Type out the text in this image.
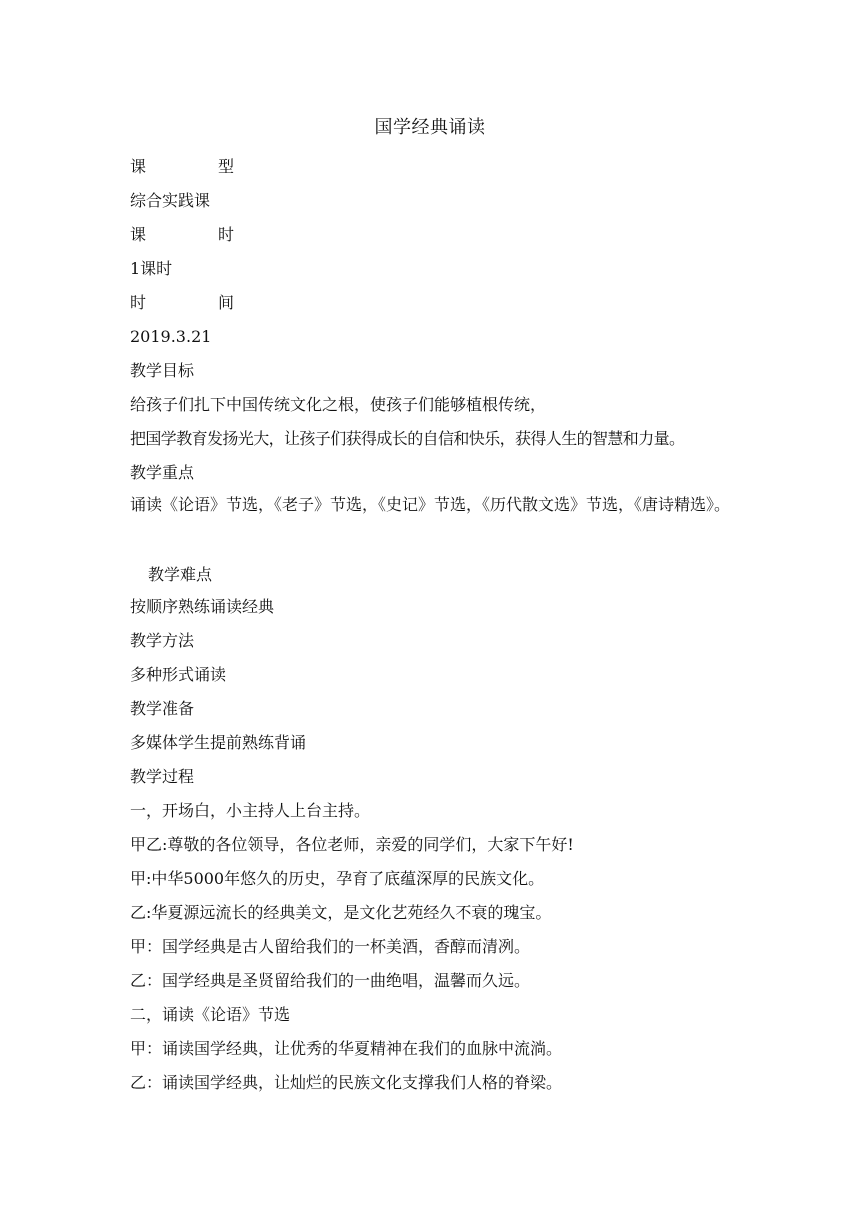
国学经典诵读
课	型
综合实践课
课	时
1课时
时	间
2019.3.21
教学目标
给孩子们扎下中国传统文化之根，使孩子们能够植根传统，
把国学教育发扬光大，让孩子们获得成长的自信和快乐，获得人生的智慧和力量。
教学重点
诵读《论语》节选，《老子》节选，《史记》节选，《历代散文选》节选，《唐诗精选》。
教学难点
按顺序熟练诵读经典
教学方法
多种形式诵读
教学准备
多媒体学生提前熟练背诵
教学过程
一，开场白，小主持人上台主持。
甲乙:尊敬的各位领导，各位老师，亲爱的同学们，大家下午好!
甲:中华5000年悠久的历史，孕育了底蕴深厚的民族文化。
乙:华夏源远流长的经典美文，是文化艺苑经久不衰的瑰宝。
甲：国学经典是古人留给我们的一杯美酒，香醇而清冽。
乙：国学经典是圣贤留给我们的一曲绝唱，温馨而久远。
二，诵读《论语》节选
甲：诵读国学经典，让优秀的华夏精神在我们的血脉中流淌。
乙：诵读国学经典，让灿烂的民族文化支撑我们人格的脊梁。
